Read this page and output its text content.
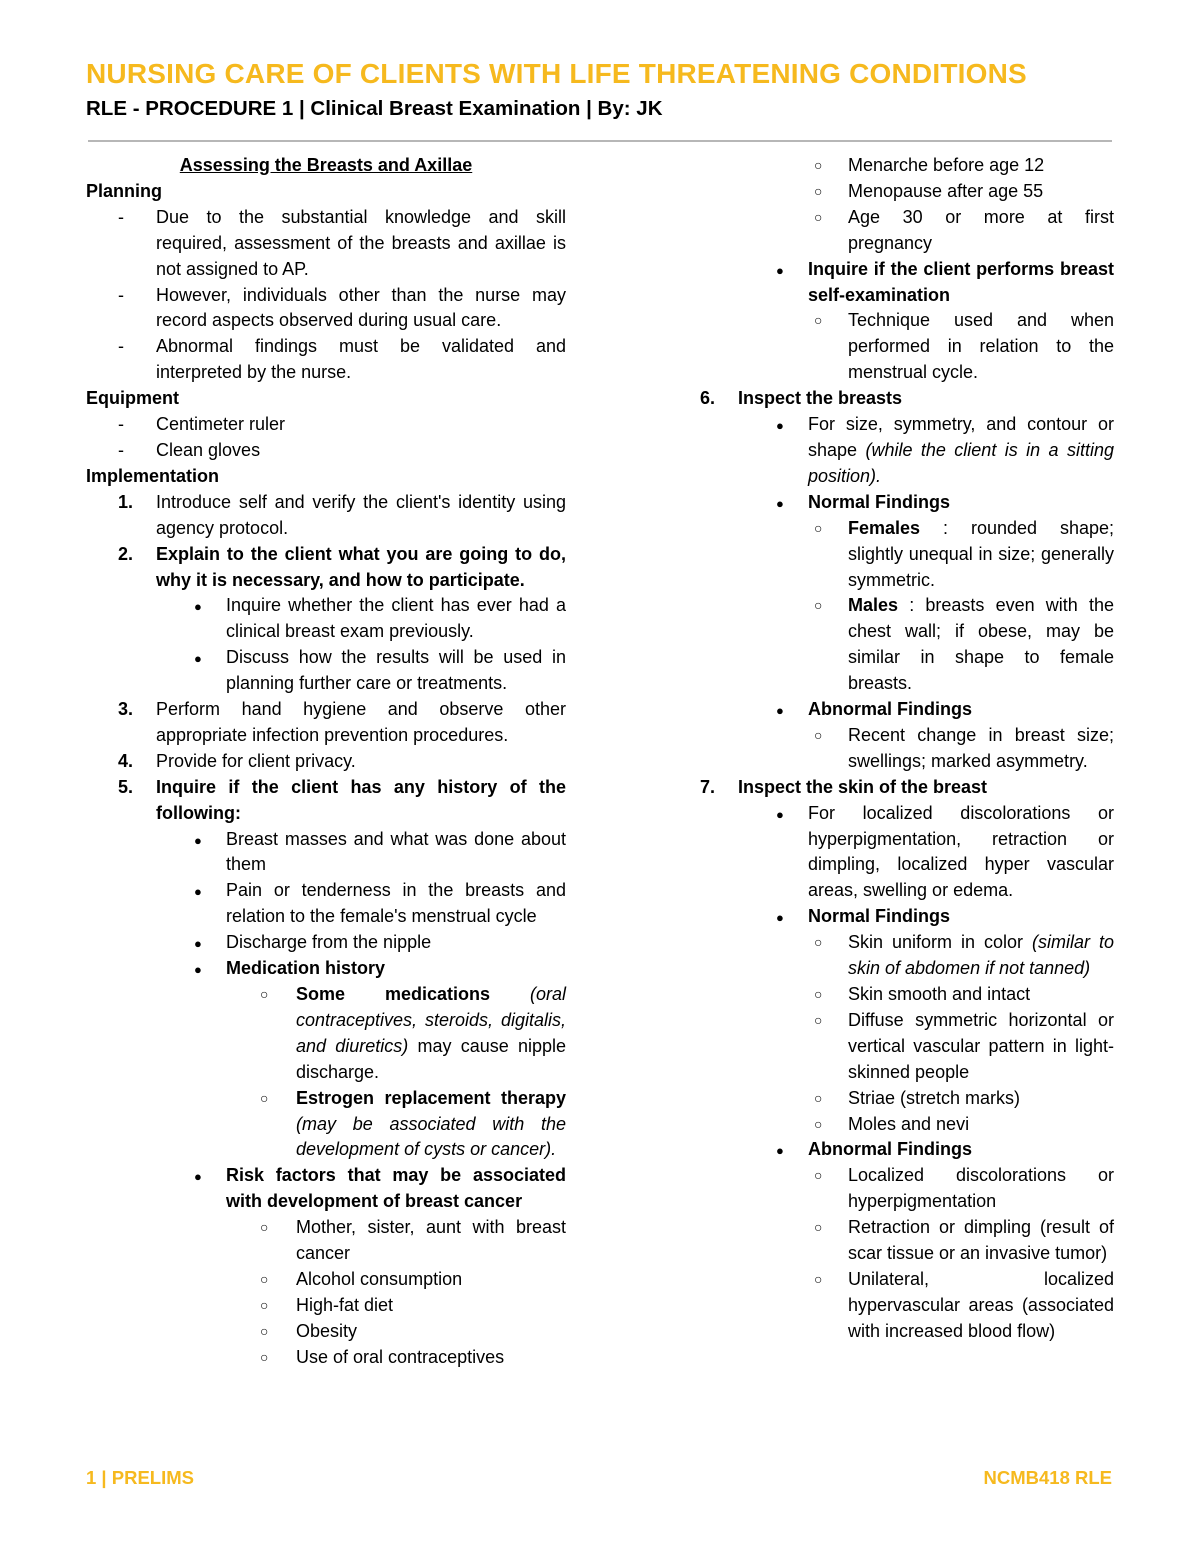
NURSING CARE OF CLIENTS WITH LIFE THREATENING CONDITIONS
RLE - PROCEDURE 1 | Clinical Breast Examination | By: JK
Assessing the Breasts and Axillae
Planning
- Due to the substantial knowledge and skill required, assessment of the breasts and axillae is not assigned to AP.
- However, individuals other than the nurse may record aspects observed during usual care.
- Abnormal findings must be validated and interpreted by the nurse.
Equipment
- Centimeter ruler
- Clean gloves
Implementation
1. Introduce self and verify the client's identity using agency protocol.
2. Explain to the client what you are going to do, why it is necessary, and how to participate.
● Inquire whether the client has ever had a clinical breast exam previously.
● Discuss how the results will be used in planning further care or treatments.
3. Perform hand hygiene and observe other appropriate infection prevention procedures.
4. Provide for client privacy.
5. Inquire if the client has any history of the following:
● Breast masses and what was done about them
● Pain or tenderness in the breasts and relation to the female's menstrual cycle
● Discharge from the nipple
● Medication history
○ Some medications (oral contraceptives, steroids, digitalis, and diuretics) may cause nipple discharge.
○ Estrogen replacement therapy (may be associated with the development of cysts or cancer).
● Risk factors that may be associated with development of breast cancer
○ Mother, sister, aunt with breast cancer
○ Alcohol consumption
○ High-fat diet
○ Obesity
○ Use of oral contraceptives
○ Menarche before age 12
○ Menopause after age 55
○ Age 30 or more at first pregnancy
● Inquire if the client performs breast self-examination
○ Technique used and when performed in relation to the menstrual cycle.
6. Inspect the breasts
● For size, symmetry, and contour or shape (while the client is in a sitting position).
● Normal Findings
○ Females : rounded shape; slightly unequal in size; generally symmetric.
○ Males : breasts even with the chest wall; if obese, may be similar in shape to female breasts.
● Abnormal Findings
○ Recent change in breast size; swellings; marked asymmetry.
7. Inspect the skin of the breast
● For localized discolorations or hyperpigmentation, retraction or dimpling, localized hyper vascular areas, swelling or edema.
● Normal Findings
○ Skin uniform in color (similar to skin of abdomen if not tanned)
○ Skin smooth and intact
○ Diffuse symmetric horizontal or vertical vascular pattern in light-skinned people
○ Striae (stretch marks)
○ Moles and nevi
● Abnormal Findings
○ Localized discolorations or hyperpigmentation
○ Retraction or dimpling (result of scar tissue or an invasive tumor)
○ Unilateral, localized hypervascular areas (associated with increased blood flow)
1 | PRELIMS	NCMB418 RLE
